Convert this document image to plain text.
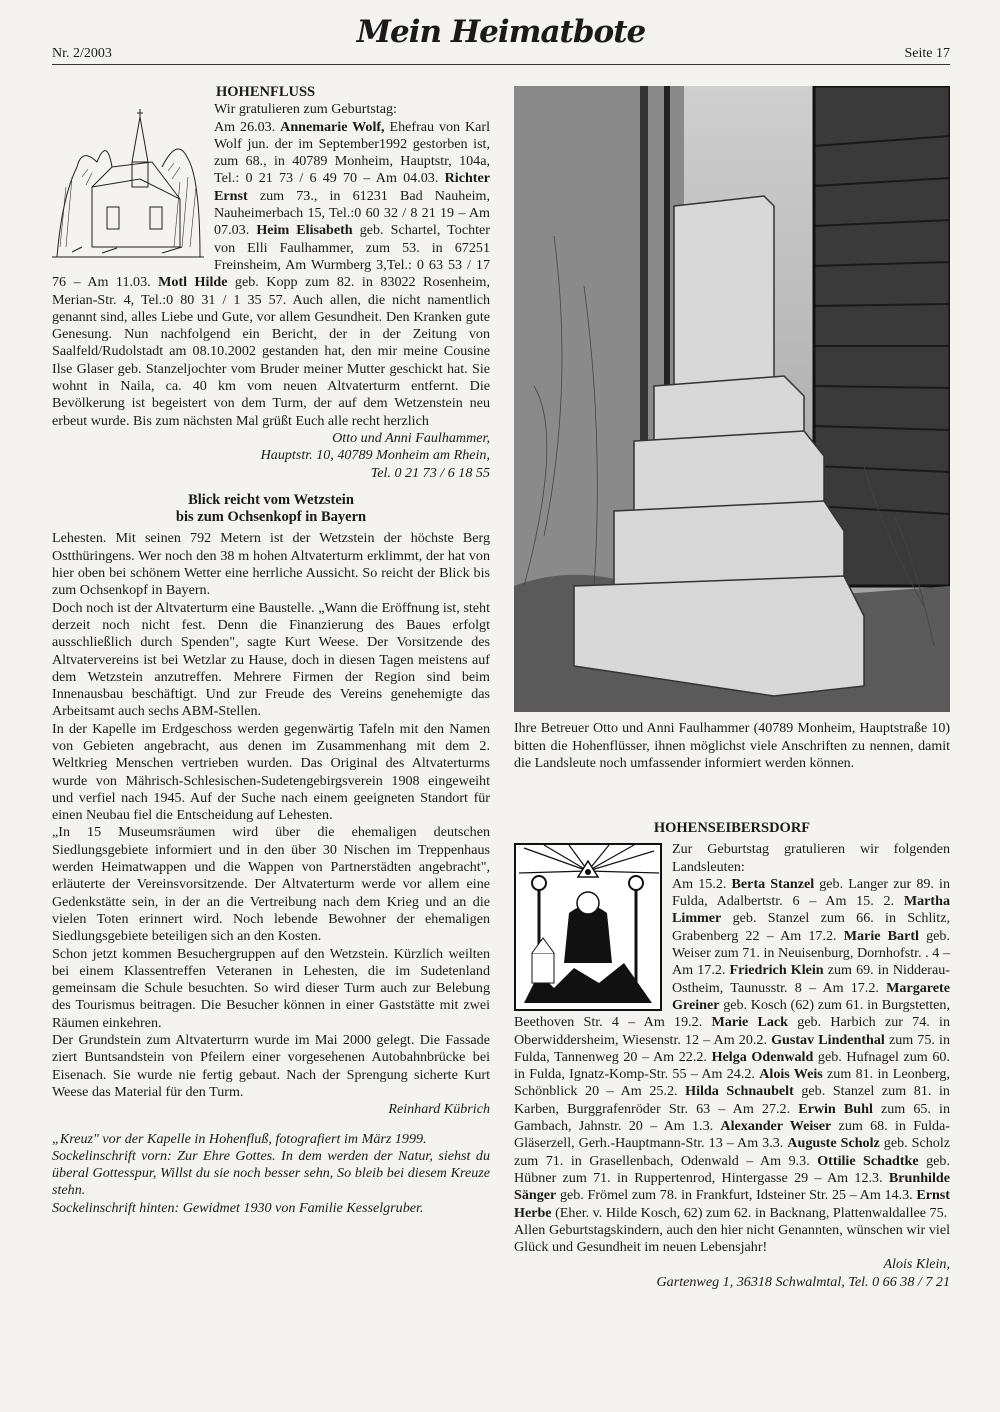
Nr. 2/2003
Mein Heimatbote
Seite 17

HOHENFLUSS

Wir gratulieren zum Geburtstag:

Am 26.03. Annemarie Wolf, Ehefrau von Karl Wolf jun. der im September1992 gestorben ist, zum 68., in 40789 Monheim, Hauptstr, 104a, Tel.: 0 21 73 / 6 49 70 – Am 04.03. Richter Ernst zum 73., in 61231 Bad Nauheim, Nauheimerbach 15, Tel.:0 60 32 / 8 21 19 – Am 07.03. Heim Elisabeth geb. Schartel, Tochter von Elli Faulhammer, zum 53. in 67251 Freinsheim, Am Wurmberg 3,Tel.: 0 63 53 / 17 76 – Am 11.03. Motl Hilde geb. Kopp zum 82. in 83022 Rosenheim, Merian-Str. 4, Tel.:0 80 31 / 1 35 57. Auch allen, die nicht namentlich genannt sind, alles Liebe und Gute, vor allem Gesundheit. Den Kranken gute Genesung. Nun nachfolgend ein Bericht, der in der Zeitung von Saalfeld/Rudolstadt am 08.10.2002 gestanden hat, den mir meine Cousine Ilse Glaser geb. Stanzeljochter vom Bruder meiner Mutter geschickt hat. Sie wohnt in Naila, ca. 40 km vom neuen Altvaterturm entfernt. Die Bevölkerung ist begeistert von dem Turm, der auf dem Wetzenstein neu erbeut wurde. Bis zum nächsten Mal grüßt Euch alle recht herzlich

Otto und Anni Faulhammer,

Hauptstr. 10, 40789 Monheim am Rhein,

Tel. 0 21 73 / 6 18 55

Blick reicht vom Wetzstein

bis zum Ochsenkopf in Bayern

Lehesten. Mit seinen 792 Metern ist der Wetzstein der höchste Berg Ostthüringens. Wer noch den 38 m hohen Altvaterturm erklimmt, der hat von hier oben bei schönem Wetter eine herrliche Aussicht. So reicht der Blick bis zum Ochsenkopf in Bayern.

Doch noch ist der Altvaterturm eine Baustelle. „Wann die Eröffnung ist, steht derzeit noch nicht fest. Denn die Finanzierung des Baues erfolgt ausschließlich durch Spenden", sagte Kurt Weese. Der Vorsitzende des Altvatervereins ist bei Wetzlar zu Hause, doch in diesen Tagen meistens auf dem Wetzstein anzutreffen. Mehrere Firmen der Region sind beim Innenausbau beschäftigt. Und zur Freude des Vereins genehemigte das Arbeitsamt auch sechs ABM-Stellen.

In der Kapelle im Erdgeschoss werden gegenwärtig Tafeln mit den Namen von Gebieten angebracht, aus denen im Zusammenhang mit dem 2. Weltkrieg Menschen vertrieben wurden. Das Original des Altvaterturms wurde von Mährisch-Schlesischen-Sudetengebirgsverein 1908 eingeweiht und verfiel nach 1945. Auf der Suche nach einem geeigneten Standort für einen Neubau fiel die Entscheidung auf Lehesten.

„In 15 Museumsräumen wird über die ehemaligen deutschen Siedlungsgebiete informiert und in den über 30 Nischen im Treppenhaus werden Heimatwappen und die Wappen von Partnerstädten angebracht", erläuterte der Vereinsvorsitzende. Der Altvaterturm werde vor allem eine Gedenkstätte sein, in der an die Vertreibung nach dem Krieg und an die vielen Toten erinnert wird. Noch lebende Bewohner der ehemaligen Siedlungsgebiete beteiligen sich an den Kosten.

Schon jetzt kommen Besuchergruppen auf den Wetzstein. Kürzlich weilten bei einem Klassentreffen Veteranen in Lehesten, die im Sudetenland gemeinsam die Schule besuchten. So wird dieser Turm auch zur Belebung des Tourismus beitragen. Die Besucher können in einer Gaststätte mit zwei Räumen einkehren.

Der Grundstein zum Altvaterturrn wurde im Mai 2000 gelegt. Die Fassade ziert Buntsandstein von Pfeilern einer vorgesehenen Autobahnbrücke bei Eisenach. Sie wurde nie fertig gebaut. Nach der Sprengung sicherte Kurt Weese das Material für den Turm.

Reinhard Kübrich

„Kreuz" vor der Kapelle in Hohenfluß, fotografiert im März 1999.

Sockelinschrift vorn: Zur Ehre Gottes. In dem werden der Natur, siehst du überal Gottesspur, Willst du sie noch besser sehn, So bleib bei diesem Kreuze stehn.

Sockelinschrift hinten: Gewidmet 1930 von Familie Kesselgruber.

Ihre Betreuer Otto und Anni Faulhammer (40789 Monheim, Hauptstraße 10) bitten die Hohenflüsser, ihnen möglichst viele Anschriften zu nennen, damit die Landsleute noch umfassender informiert werden können.

HOHENSEIBERSDORF

Zur Geburtstag gratulieren wir folgenden Landsleuten:

Am 15.2. Berta Stanzel geb. Langer zur 89. in Fulda, Adalbertstr. 6 – Am 15. 2. Martha Limmer geb. Stanzel zum 66. in Schlitz, Grabenberg 22 – Am 17.2. Marie Bartl geb. Weiser zum 71. in Neuisenburg, Dornhofstr. . 4 – Am 17.2. Friedrich Klein zum 69. in Nidderau-Ostheim, Taunusstr. 8 – Am 17.2. Margarete Greiner geb. Kosch (62) zum 61. in Burgstetten, Beethoven Str. 4 – Am 19.2. Marie Lack geb. Harbich zur 74. in Oberwiddersheim, Wiesenstr. 12 – Am 20.2. Gustav Lindenthal zum 75. in Fulda, Tannenweg 20 – Am 22.2. Helga Odenwald geb. Hufnagel zum 60. in Fulda, Ignatz-Komp-Str. 55 – Am 24.2. Alois Weis zum 81. in Leonberg, Schönblick 20 – Am 25.2. Hilda Schnaubelt geb. Stanzel zum 81. in Karben, Burggrafenröder Str. 63 – Am 27.2. Erwin Buhl zum 65. in Gambach, Jahnstr. 20 – Am 1.3. Alexander Weiser zum 68. in Fulda-Gläserzell, Gerh.-Hauptmann-Str. 13 – Am 3.3. Auguste Scholz geb. Scholz zum 71. in Grasellenbach, Odenwald – Am 9.3. Ottilie Schadtke geb. Hübner zum 71. in Ruppertenrod, Hintergasse 29 – Am 12.3. Brunhilde Sänger geb. Frömel zum 78. in Frankfurt, Idsteiner Str. 25 – Am 14.3. Ernst Herbe (Eher. v. Hilde Kosch, 62) zum 62. in Backnang, Plattenwaldallee 75.

Allen Geburtstagskindern, auch den hier nicht Genannten, wünschen wir viel Glück und Gesundheit im neuen Lebensjahr!

Alois Klein,

Gartenweg 1, 36318 Schwalmtal, Tel. 0 66 38 / 7 21
